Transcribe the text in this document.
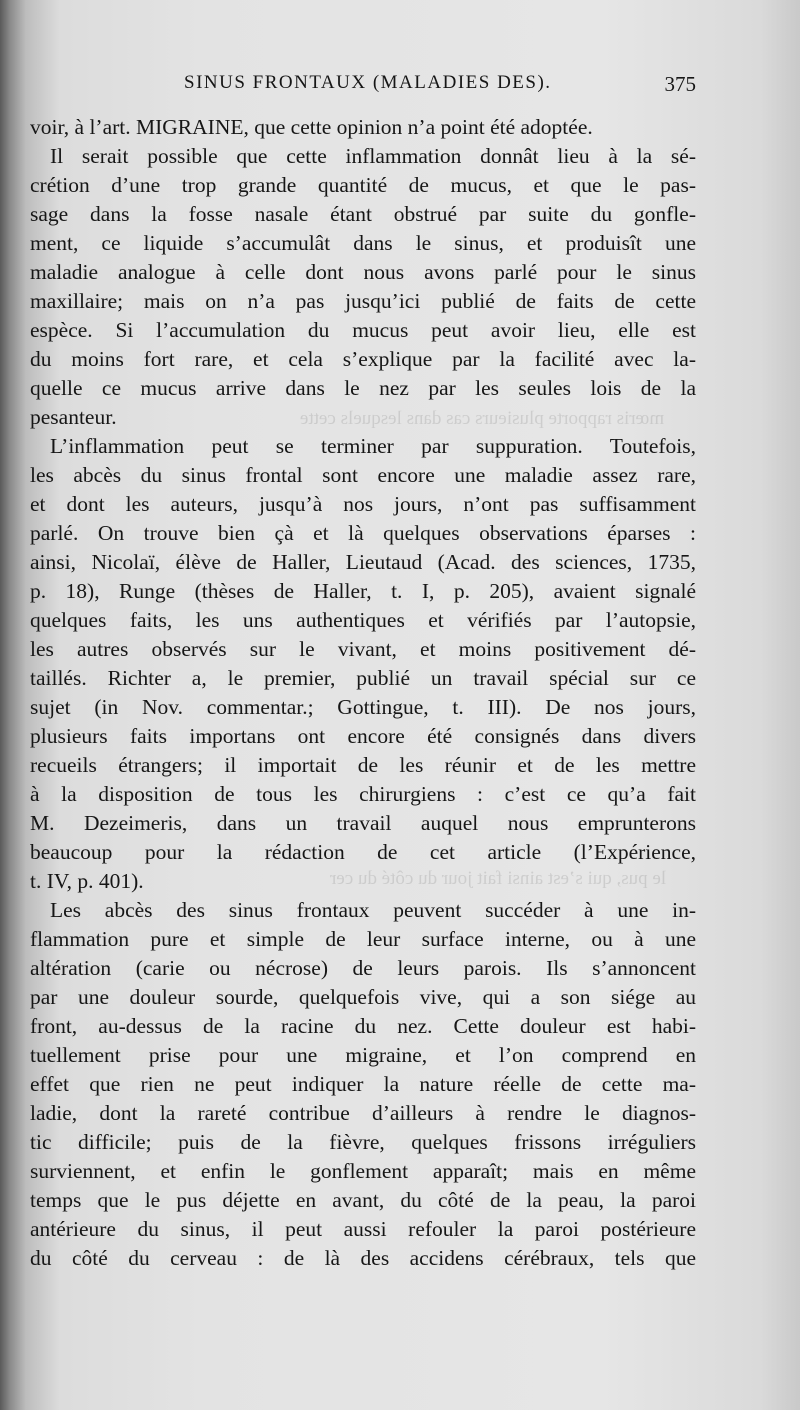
mœris rapporte plusieurs cas dans lesquels cette
le pus, qui s’est ainsi fait jour du côté du cer
SINUS FRONTAUX (MALADIES DES).	375
voir, à l’art. MIGRAINE, que cette opinion n’a point été adoptée.
Il serait possible que cette inflammation donnât lieu à la sé-
crétion d’une trop grande quantité de mucus, et que le pas-
sage dans la fosse nasale étant obstrué par suite du gonfle-
ment, ce liquide s’accumulât dans le sinus, et produisît une
maladie analogue à celle dont nous avons parlé pour le sinus
maxillaire; mais on n’a pas jusqu’ici publié de faits de cette
espèce. Si l’accumulation du mucus peut avoir lieu, elle est
du moins fort rare, et cela s’explique par la facilité avec la-
quelle ce mucus arrive dans le nez par les seules lois de la
pesanteur.
L’inflammation peut se terminer par suppuration. Toutefois,
les abcès du sinus frontal sont encore une maladie assez rare,
et dont les auteurs, jusqu’à nos jours, n’ont pas suffisamment
parlé. On trouve bien çà et là quelques observations éparses :
ainsi, Nicolaï, élève de Haller, Lieutaud (Acad. des sciences, 1735,
p. 18), Runge (thèses de Haller, t. I, p. 205), avaient signalé
quelques faits, les uns authentiques et vérifiés par l’autopsie,
les autres observés sur le vivant, et moins positivement dé-
taillés. Richter a, le premier, publié un travail spécial sur ce
sujet (in Nov. commentar.; Gottingue, t. III). De nos jours,
plusieurs faits importans ont encore été consignés dans divers
recueils étrangers; il importait de les réunir et de les mettre
à la disposition de tous les chirurgiens : c’est ce qu’a fait
M. Dezeimeris, dans un travail auquel nous emprunterons
beaucoup pour la rédaction de cet article (l’Expérience,
t. IV, p. 401).
Les abcès des sinus frontaux peuvent succéder à une in-
flammation pure et simple de leur surface interne, ou à une
altération (carie ou nécrose) de leurs parois. Ils s’annoncent
par une douleur sourde, quelquefois vive, qui a son siége au
front, au-dessus de la racine du nez. Cette douleur est habi-
tuellement prise pour une migraine, et l’on comprend en
effet que rien ne peut indiquer la nature réelle de cette ma-
ladie, dont la rareté contribue d’ailleurs à rendre le diagnos-
tic difficile; puis de la fièvre, quelques frissons irréguliers
surviennent, et enfin le gonflement apparaît; mais en même
temps que le pus déjette en avant, du côté de la peau, la paroi
antérieure du sinus, il peut aussi refouler la paroi postérieure
du côté du cerveau : de là des accidens cérébraux, tels que
